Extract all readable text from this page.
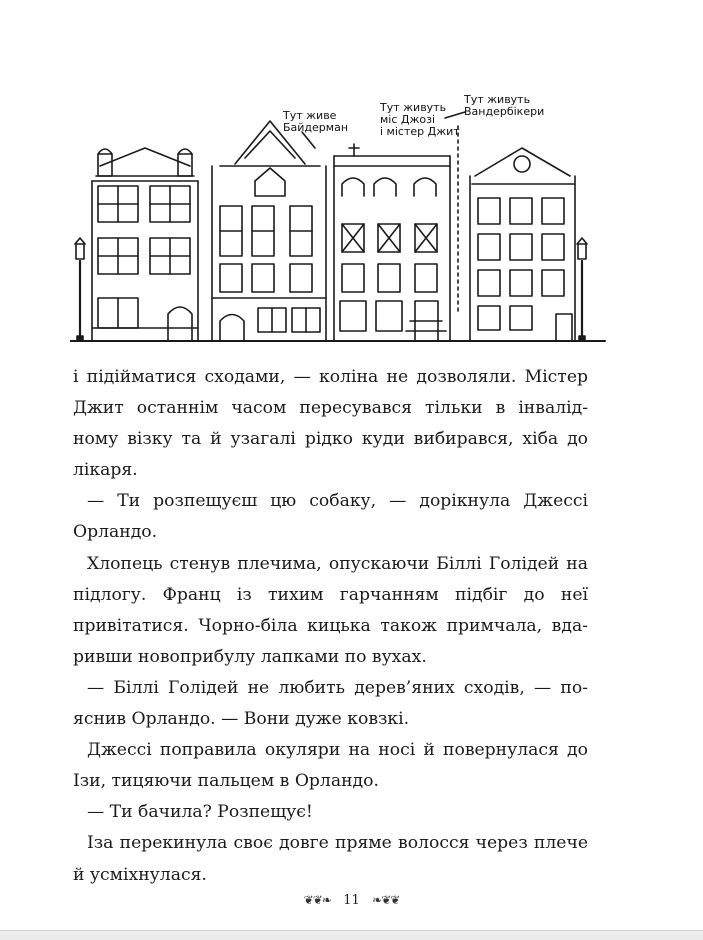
Тут живе
Байдерман
Тут живуть
міс Джозі
і містер Джит
Тут живуть
Вандербікери

і підійматися сходами, — коліна не дозволяли. Містер Джит останнім часом пересувався тільки в інвалід- ному візку та й узагалі рідко куди вибирався, хіба до лікаря.

— Ти розпещуєш цю собаку, — дорікнула Джессі Орландо.

Хлопець стенув плечима, опускаючи Біллі Голідей на підлогу. Франц із тихим гарчанням підбіг до неї привітатися. Чорно-біла кицька також примчала, вда- ривши новоприбулу лапками по вухах.

— Біллі Голідей не любить дерев’яних сходів, — по- яснив Орландо. — Вони дуже ковзкі.

Джессі поправила окуляри на носі й повернулася до Ізи, тицяючи пальцем в Орландо.

— Ти бачила? Розпещує!

Іза перекинула своє довге пряме волосся через плече й усміхнулася.

❦❦❧ 11 ❧❦❦
